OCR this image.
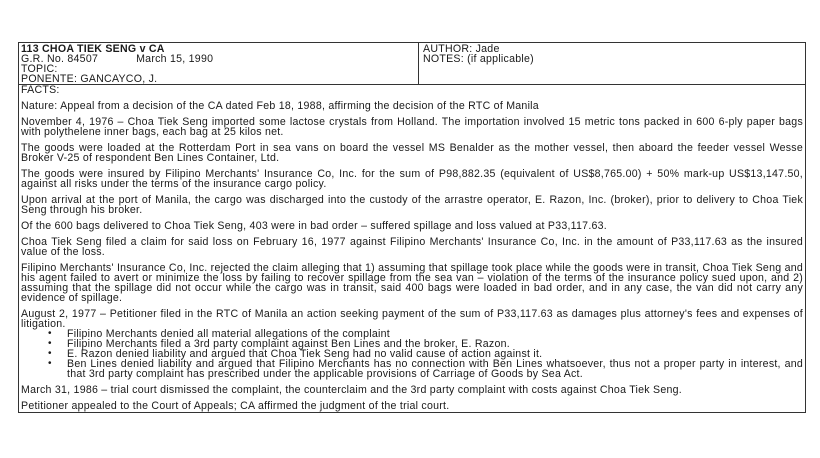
113 CHOA TIEK SENG v CA
G.R. No. 84507	March 15, 1990
TOPIC:
PONENTE: GANCAYCO, J.
AUTHOR: Jade
NOTES: (if applicable)
FACTS:

Nature: Appeal from a decision of the CA dated Feb 18, 1988, affirming the decision of the RTC of Manila

November 4, 1976 – Choa Tiek Seng imported some lactose crystals from Holland. The importation involved 15 metric tons packed in 600 6-ply paper bags with polythelene inner bags, each bag at 25 kilos net.

The goods were loaded at the Rotterdam Port in sea vans on board the vessel MS Benalder as the mother vessel, then aboard the feeder vessel Wesse Broker V-25 of respondent Ben Lines Container, Ltd.

The goods were insured by Filipino Merchants' Insurance Co, Inc. for the sum of P98,882.35 (equivalent of US$8,765.00) + 50% mark-up US$13,147.50, against all risks under the terms of the insurance cargo policy.

Upon arrival at the port of Manila, the cargo was discharged into the custody of the arrastre operator, E. Razon, Inc. (broker), prior to delivery to Choa Tiek Seng through his broker.

Of the 600 bags delivered to Choa Tiek Seng, 403 were in bad order – suffered spillage and loss valued at P33,117.63.

Choa Tiek Seng filed a claim for said loss on February 16, 1977 against Filipino Merchants' Insurance Co, Inc. in the amount of P33,117.63 as the insured value of the loss.

Filipino Merchants' Insurance Co, Inc. rejected the claim alleging that 1) assuming that spillage took place while the goods were in transit, Choa Tiek Seng and his agent failed to avert or minimize the loss by failing to recover spillage from the sea van – violation of the terms of the insurance policy sued upon, and 2) assuming that the spillage did not occur while the cargo was in transit, said 400 bags were loaded in bad order, and in any case, the van did not carry any evidence of spillage.

August 2, 1977 – Petitioner filed in the RTC of Manila an action seeking payment of the sum of P33,117.63 as damages plus attorney's fees and expenses of litigation.

• Filipino Merchants denied all material allegations of the complaint
• Filipino Merchants filed a 3rd party complaint against Ben Lines and the broker, E. Razon.
• E. Razon denied liability and argued that Choa Tiek Seng had no valid cause of action against it.
• Ben Lines denied liability and argued that Filipino Merchants has no connection with Ben Lines whatsoever, thus not a proper party in interest, and that 3rd party complaint has prescribed under the applicable provisions of Carriage of Goods by Sea Act.

March 31, 1986 – trial court dismissed the complaint, the counterclaim and the 3rd party complaint with costs against Choa Tiek Seng.

Petitioner appealed to the Court of Appeals; CA affirmed the judgment of the trial court.
